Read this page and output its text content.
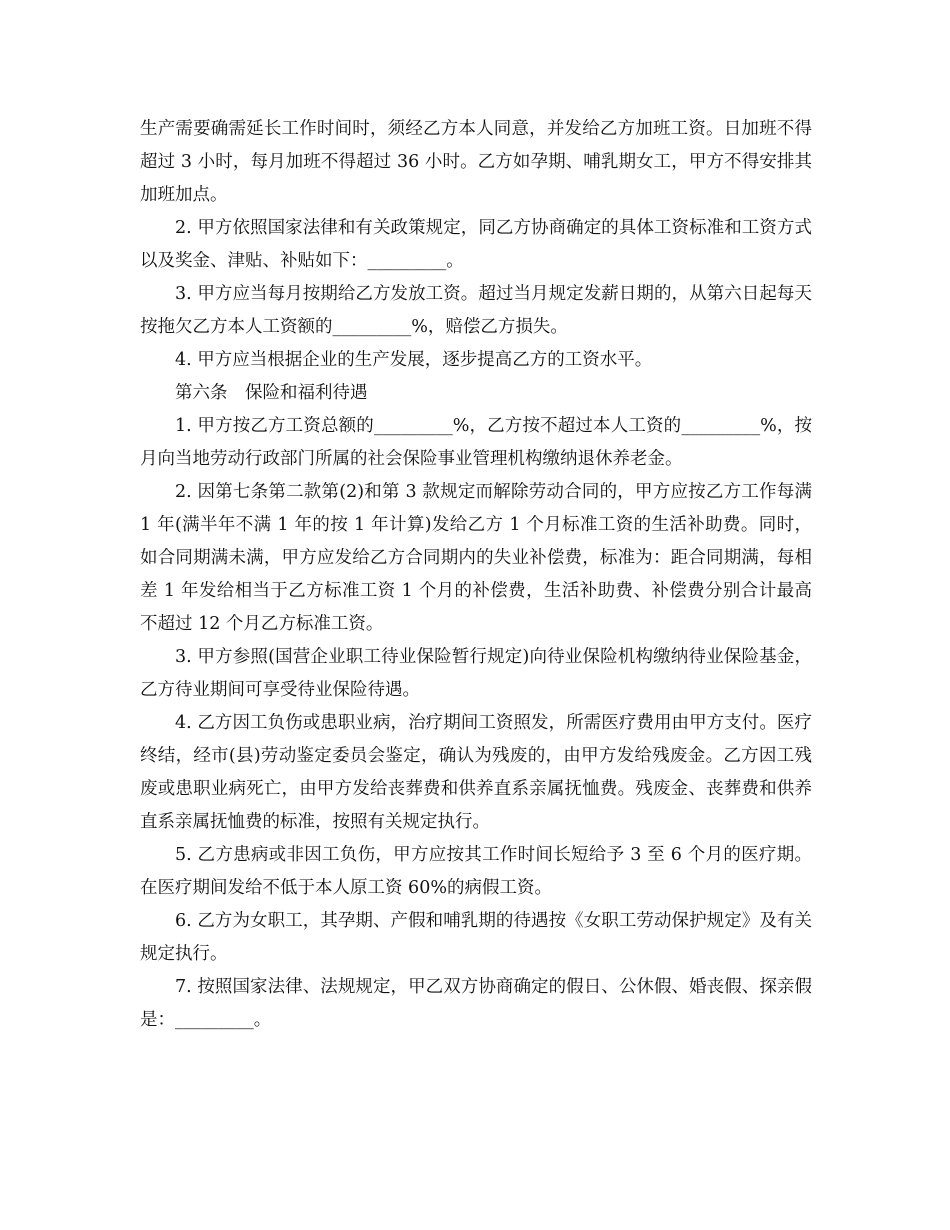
生产需要确需延长工作时间时，须经乙方本人同意，并发给乙方加班工资。日加班不得超过 3 小时，每月加班不得超过 36 小时。乙方如孕期、哺乳期女工，甲方不得安排其加班加点。

2. 甲方依照国家法律和有关政策规定，同乙方协商确定的具体工资标准和工资方式以及奖金、津贴、补贴如下：_________。

3. 甲方应当每月按期给乙方发放工资。超过当月规定发薪日期的，从第六日起每天按拖欠乙方本人工资额的_________%，赔偿乙方损失。

4. 甲方应当根据企业的生产发展，逐步提高乙方的工资水平。

第六条　保险和福利待遇

1. 甲方按乙方工资总额的_________%，乙方按不超过本人工资的_________%，按月向当地劳动行政部门所属的社会保险事业管理机构缴纳退休养老金。

2. 因第七条第二款第(2)和第 3 款规定而解除劳动合同的，甲方应按乙方工作每满 1 年(满半年不满 1 年的按 1 年计算)发给乙方 1 个月标准工资的生活补助费。同时，如合同期满未满，甲方应发给乙方合同期内的失业补偿费，标准为：距合同期满，每相差 1 年发给相当于乙方标准工资 1 个月的补偿费，生活补助费、补偿费分别合计最高不超过 12 个月乙方标准工资。

3. 甲方参照(国营企业职工待业保险暂行规定)向待业保险机构缴纳待业保险基金，乙方待业期间可享受待业保险待遇。

4. 乙方因工负伤或患职业病，治疗期间工资照发，所需医疗费用由甲方支付。医疗终结，经市(县)劳动鉴定委员会鉴定，确认为残废的，由甲方发给残废金。乙方因工残废或患职业病死亡，由甲方发给丧葬费和供养直系亲属抚恤费。残废金、丧葬费和供养直系亲属抚恤费的标准，按照有关规定执行。

5. 乙方患病或非因工负伤，甲方应按其工作时间长短给予 3 至 6 个月的医疗期。在医疗期间发给不低于本人原工资 60%的病假工资。

6. 乙方为女职工，其孕期、产假和哺乳期的待遇按《女职工劳动保护规定》及有关规定执行。

7. 按照国家法律、法规规定，甲乙双方协商确定的假日、公休假、婚丧假、探亲假是：_________。
